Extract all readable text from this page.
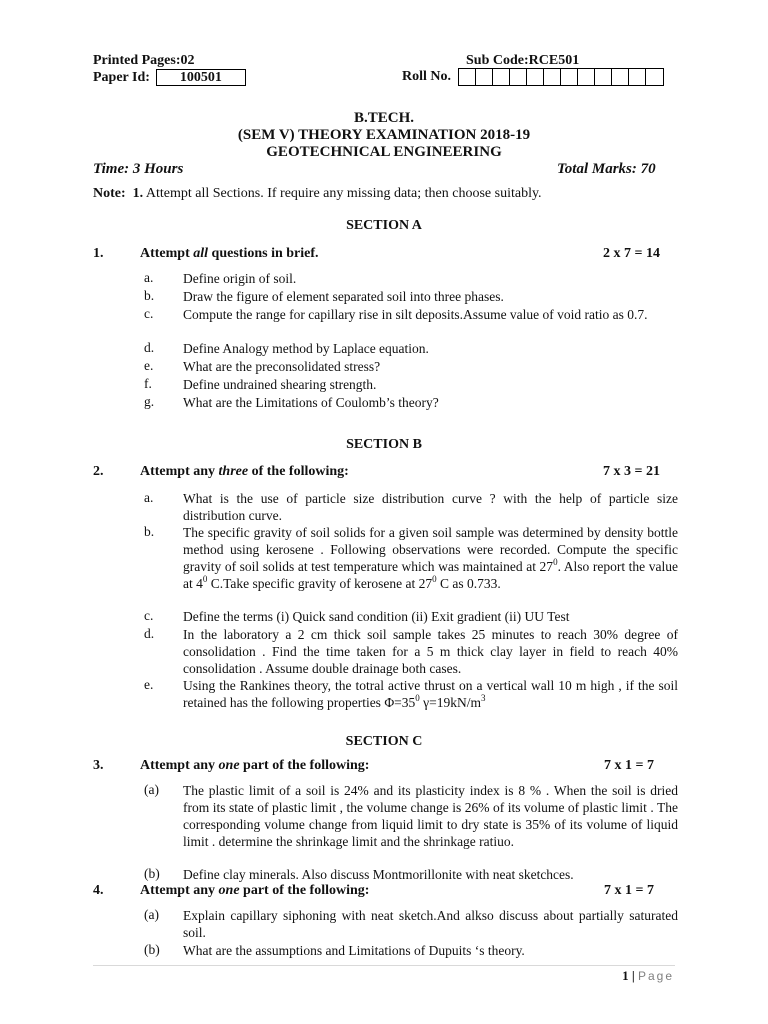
Printed Pages:02	Sub Code:RCE501
Paper Id: 100501	Roll No.
B.TECH.
(SEM V) THEORY EXAMINATION 2018-19
GEOTECHNICAL ENGINEERING
Time: 3 Hours	Total Marks: 70
Note: 1. Attempt all Sections. If require any missing data; then choose suitably.
SECTION A
1.	Attempt all questions in brief.	2 x 7 = 14
a. Define origin of soil.
b. Draw the figure of element separated soil into three phases.
c. Compute the range for capillary rise in silt deposits.Assume value of void ratio as 0.7.
d. Define Analogy method by Laplace equation.
e. What are the preconsolidated stress?
f. Define undrained shearing strength.
g. What are the Limitations of Coulomb’s theory?
SECTION B
2.	Attempt any three of the following:	7 x 3 = 21
a. What is the use of particle size distribution curve ? with the help of particle size distribution curve.
b. The specific gravity of soil solids for a given soil sample was determined by density bottle method using kerosene . Following observations were recorded. Compute the specific gravity of soil solids at test temperature which was maintained at $27^0$. Also report the value at $4^0$ C.Take specific gravity of kerosene at $27^0$ C as 0.733.
c. Define the terms (i) Quick sand condition (ii) Exit gradient (ii) UU Test
d. In the laboratory a 2 cm thick soil sample takes 25 minutes to reach 30% degree of consolidation . Find the time taken for a 5 m thick clay layer in field to reach 40% consolidation . Assume double drainage both cases.
e. Using the Rankines theory, the totral active thrust on a vertical wall 10 m high , if the soil retained has the following properties $\Phi=35^0$ $\gamma=19kN/m^3$
SECTION C
3.	Attempt any one part of the following:	7 x 1 = 7
(a) The plastic limit of a soil is 24% and its plasticity index is 8 % . When the soil is dried from its state of plastic limit , the volume change is 26% of its volume of plastic limit . The corresponding volume change from liquid limit to dry state is 35% of its volume of liquid limit . determine the shrinkage limit and the shrinkage ratiuo.
(b) Define clay minerals. Also discuss Montmorillonite with neat sketchces.
4.	Attempt any one part of the following:	7 x 1 = 7
(a) Explain capillary siphoning with neat sketch.And alkso discuss about partially saturated soil.
(b) What are the assumptions and Limitations of Dupuits ‘s theory.
1 | Page
